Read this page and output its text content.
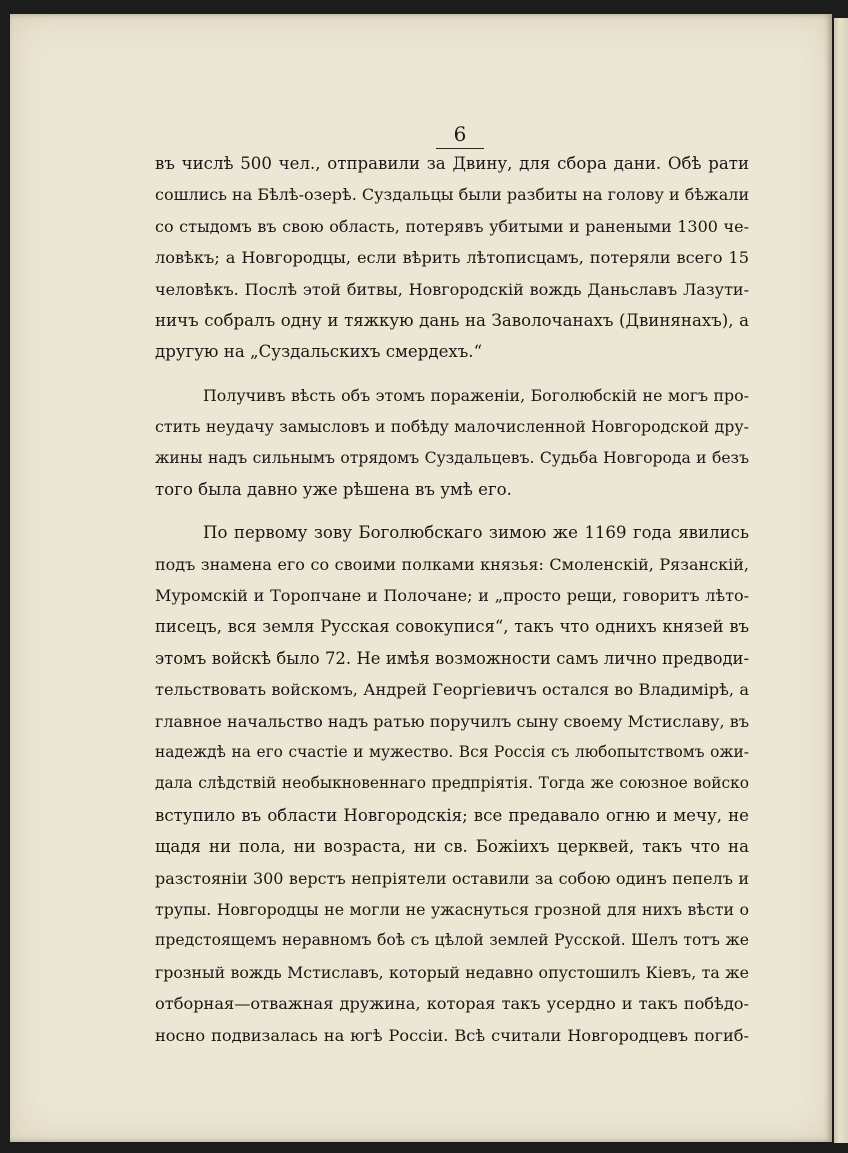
6
въ числѣ 500 чел., отправили за Двину, для сбора дани. Обѣ рати
сошлись на Бѣлѣ-озерѣ. Суздальцы были разбиты на голову и бѣжали
со стыдомъ въ свою область, потерявъ убитыми и ранеными 1300 че-
ловѣкъ; а Новгородцы, если вѣрить лѣтописцамъ, потеряли всего 15
человѣкъ. Послѣ этой битвы, Новгородскій вождь Даньславъ Лазути-
ничъ собралъ одну и тяжкую дань на Заволочанахъ (Двинянахъ), а
другую на „Суздальскихъ смердехъ.“
Получивъ вѣсть объ этомъ пораженіи, Боголюбскій не могъ про-
стить неудачу замысловъ и побѣду малочисленной Новгородской дру-
жины надъ сильнымъ отрядомъ Суздальцевъ. Судьба Новгорода и безъ
того была давно уже рѣшена въ умѣ его.
По первому зову Боголюбскаго зимою же 1169 года явились
подъ знамена его со своими полками князья: Смоленскій, Рязанскій,
Муромскій и Торопчане и Полочане; и „просто рещи, говоритъ лѣто-
писецъ, вся земля Русская совокупися“, такъ что однихъ князей въ
этомъ войскѣ было 72. Не имѣя возможности самъ лично предводи-
тельствовать войскомъ, Андрей Георгіевичъ остался во Владимірѣ, а
главное начальство надъ ратью поручилъ сыну своему Мстиславу, въ
надеждѣ на его счастіе и мужество. Вся Россія съ любопытствомъ ожи-
дала слѣдствій необыкновеннаго предпріятія. Тогда же союзное войско
вступило въ области Новгородскія; все предавало огню и мечу, не
щадя ни пола, ни возраста, ни св. Божіихъ церквей, такъ что на
разстояніи 300 верстъ непріятели оставили за собою одинъ пепелъ и
трупы. Новгородцы не могли не ужаснуться грозной для нихъ вѣсти о
предстоящемъ неравномъ боѣ съ цѣлой землей Русской. Шелъ тотъ же
грозный вождь Мстиславъ, который недавно опустошилъ Кіевъ, та же
отборная—отважная дружина, которая такъ усердно и такъ побѣдо-
носно подвизалась на югѣ Россіи. Всѣ считали Новгородцевъ погиб-
